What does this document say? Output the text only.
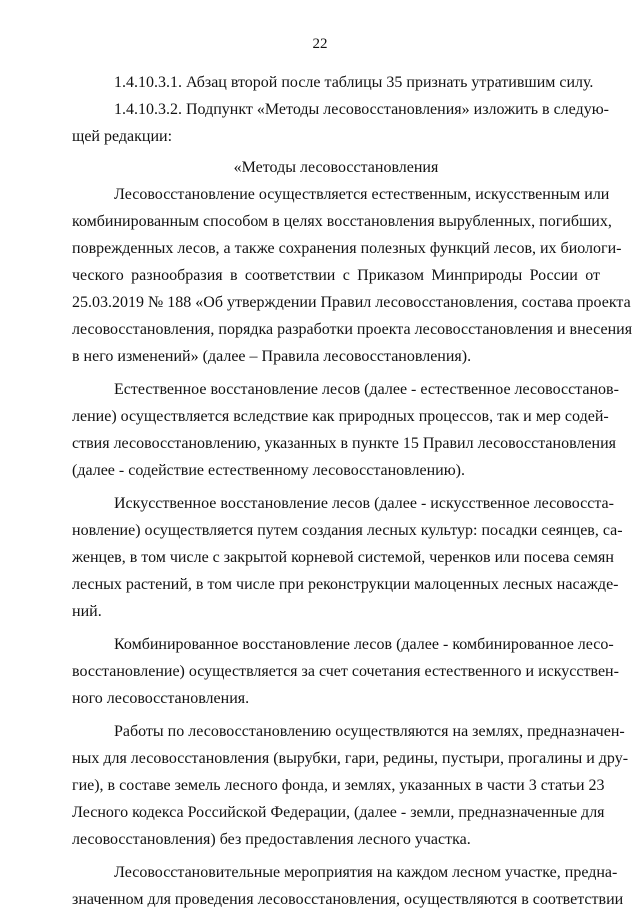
22
1.4.10.3.1. Абзац второй после таблицы 35 признать утратившим силу.
1.4.10.3.2. Подпункт «Методы лесовосстановления» изложить в следую-
щей редакции:
«Методы лесовосстановления
Лесовосстановление осуществляется естественным, искусственным или
комбинированным способом в целях восстановления вырубленных, погибших,
поврежденных лесов, а также сохранения полезных функций лесов, их биологи-
ческого разнообразия в соответствии с Приказом Минприроды России от
25.03.2019 № 188 «Об утверждении Правил лесовосстановления, состава проекта
лесовосстановления, порядка разработки проекта лесовосстановления и внесения
в него изменений» (далее – Правила лесовосстановления).
Естественное восстановление лесов (далее - естественное лесовосстанов-
ление) осуществляется вследствие как природных процессов, так и мер содей-
ствия лесовосстановлению, указанных в пункте 15 Правил лесовосстановления
(далее - содействие естественному лесовосстановлению).
Искусственное восстановление лесов (далее - искусственное лесовосста-
новление) осуществляется путем создания лесных культур: посадки сеянцев, са-
женцев, в том числе с закрытой корневой системой, черенков или посева семян
лесных растений, в том числе при реконструкции малоценных лесных насажде-
ний.
Комбинированное восстановление лесов (далее - комбинированное лесо-
восстановление) осуществляется за счет сочетания естественного и искусствен-
ного лесовосстановления.
Работы по лесовосстановлению осуществляются на землях, предназначен-
ных для лесовосстановления (вырубки, гари, редины, пустыри, прогалины и дру-
гие), в составе земель лесного фонда, и землях, указанных в части 3 статьи 23
Лесного кодекса Российской Федерации, (далее - земли, предназначенные для
лесовосстановления) без предоставления лесного участка.
Лесовосстановительные мероприятия на каждом лесном участке, предна-
значенном для проведения лесовосстановления, осуществляются в соответствии
